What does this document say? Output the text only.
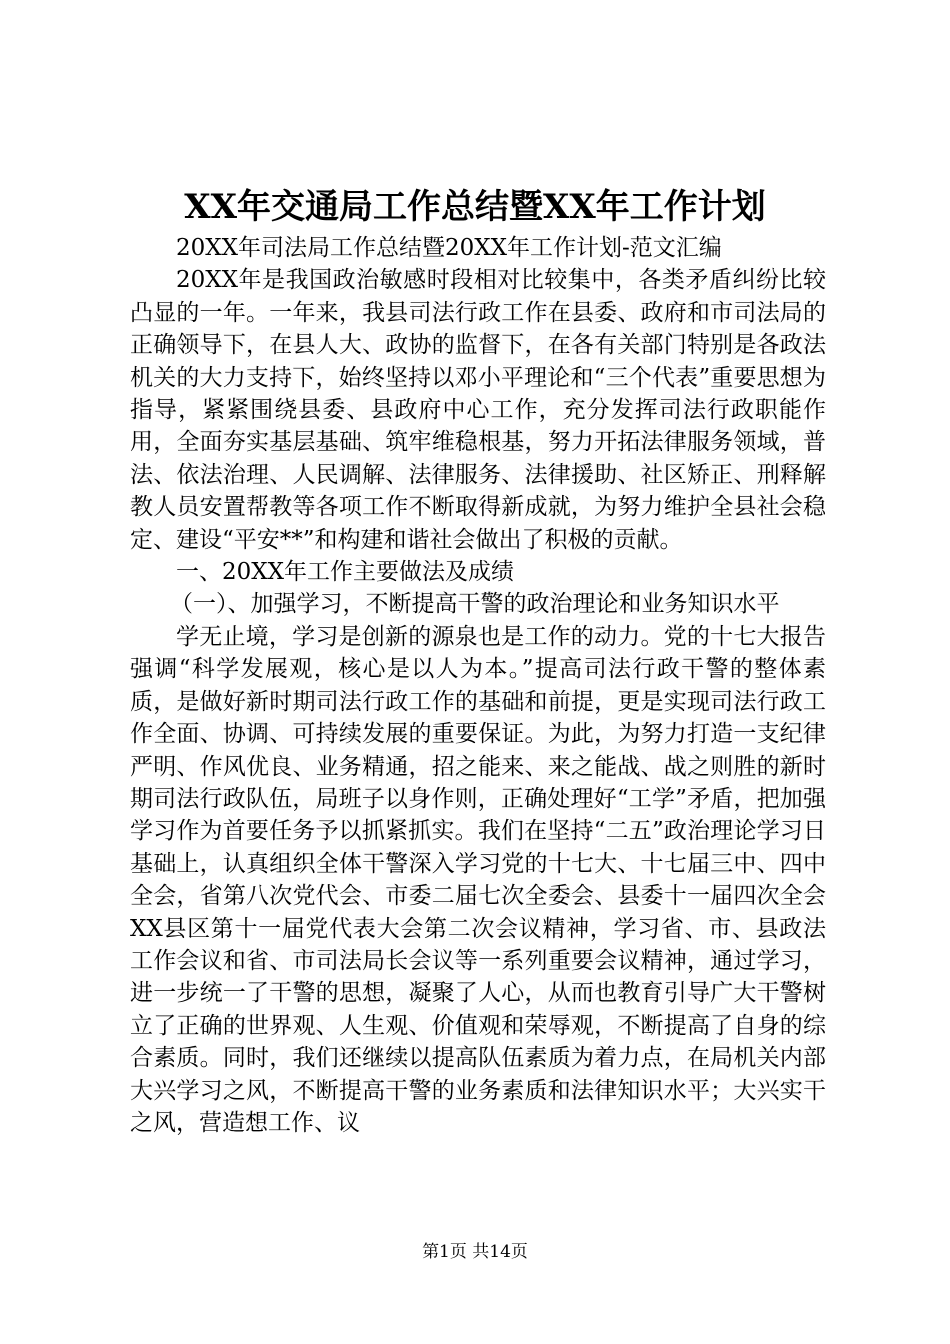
XX年交通局工作总结暨XX年工作计划

20XX年司法局工作总结暨20XX年工作计划-范文汇编

20XX年是我国政治敏感时段相对比较集中，各类矛盾纠纷比较凸显的一年。一年来，我县司法行政工作在县委、政府和市司法局的正确领导下，在县人大、政协的监督下，在各有关部门特别是各政法机关的大力支持下，始终坚持以邓小平理论和“三个代表”重要思想为指导，紧紧围绕县委、县政府中心工作，充分发挥司法行政职能作用，全面夯实基层基础、筑牢维稳根基，努力开拓法律服务领域，普法、依法治理、人民调解、法律服务、法律援助、社区矫正、刑释解教人员安置帮教等各项工作不断取得新成就，为努力维护全县社会稳定、建设“平安**”和构建和谐社会做出了积极的贡献。

一、20XX年工作主要做法及成绩

（一）、加强学习，不断提高干警的政治理论和业务知识水平

学无止境，学习是创新的源泉也是工作的动力。党的十七大报告强调“科学发展观，核心是以人为本。”提高司法行政干警的整体素质，是做好新时期司法行政工作的基础和前提，更是实现司法行政工作全面、协调、可持续发展的重要保证。为此，为努力打造一支纪律严明、作风优良、业务精通，招之能来、来之能战、战之则胜的新时期司法行政队伍，局班子以身作则，正确处理好“工学”矛盾，把加强学习作为首要任务予以抓紧抓实。我们在坚持“二五”政治理论学习日基础上，认真组织全体干警深入学习党的十七大、十七届三中、四中全会，省第八次党代会、市委二届七次全委会、县委十一届四次全会XX县区第十一届党代表大会第二次会议精神，学习省、市、县政法工作会议和省、市司法局长会议等一系列重要会议精神，通过学习，进一步统一了干警的思想，凝聚了人心，从而也教育引导广大干警树立了正确的世界观、人生观、价值观和荣辱观，不断提高了自身的综合素质。同时，我们还继续以提高队伍素质为着力点，在局机关内部大兴学习之风，不断提高干警的业务素质和法律知识水平；大兴实干之风，营造想工作、议

第1页 共14页
